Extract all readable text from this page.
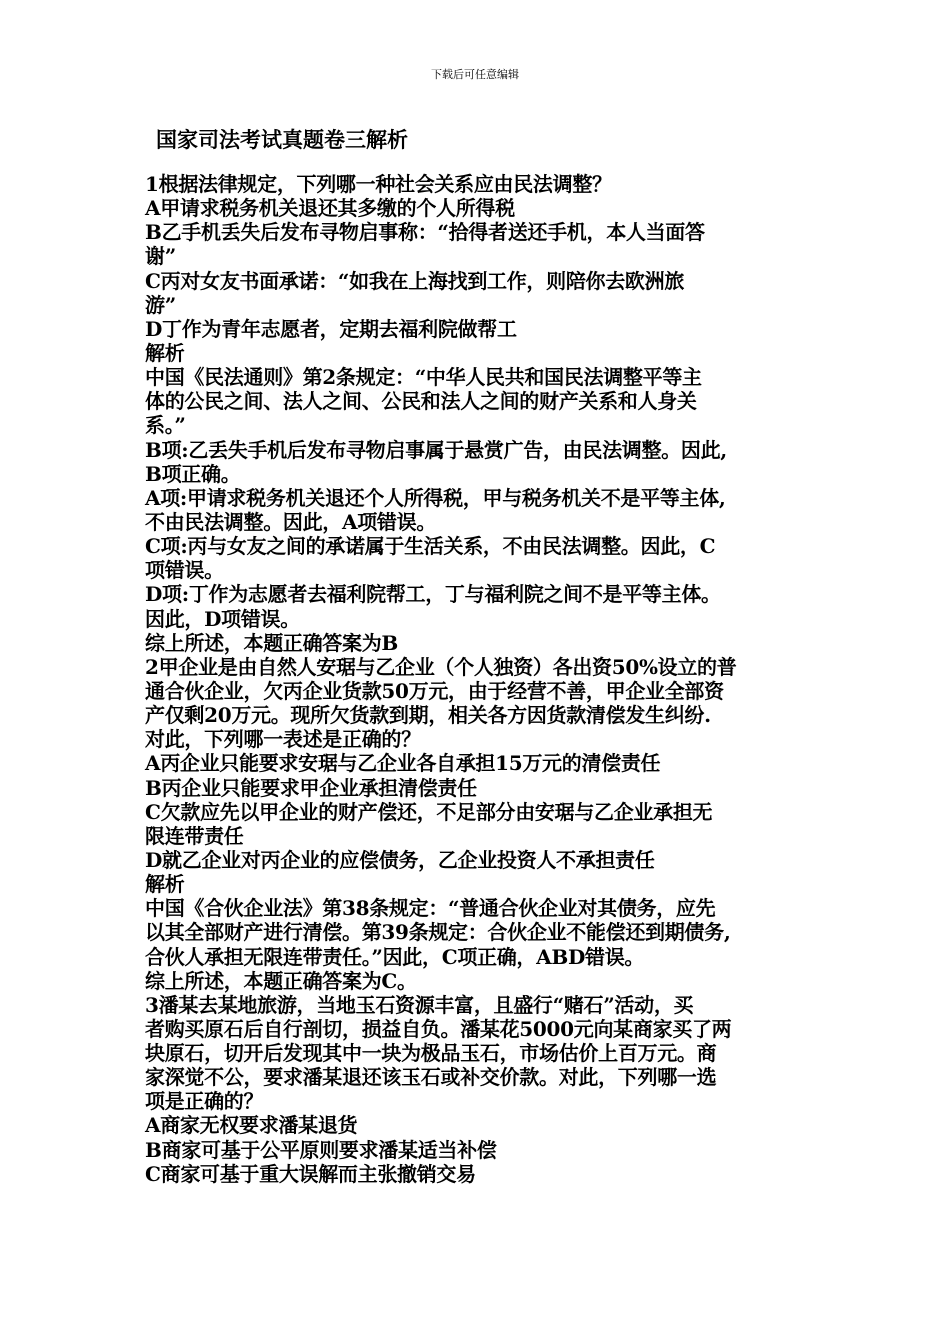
下载后可任意编辑
国家司法考试真题卷三解析
1根据法律规定，下列哪一种社会关系应由民法调整？
A甲请求税务机关退还其多缴的个人所得税
B乙手机丢失后发布寻物启事称：“拾得者送还手机，本人当面答
谢”
C丙对女友书面承诺：“如我在上海找到工作，则陪你去欧洲旅
游”
D丁作为青年志愿者，定期去福利院做帮工
解析
中国《民法通则》第2条规定：“中华人民共和国民法调整平等主
体的公民之间、法人之间、公民和法人之间的财产关系和人身关
系。”
B项:乙丢失手机后发布寻物启事属于悬赏广告，由民法调整。因此,
B项正确。
A项:甲请求税务机关退还个人所得税，甲与税务机关不是平等主体,
不由民法调整。因此，A项错误。
C项:丙与女友之间的承诺属于生活关系，不由民法调整。因此，C
项错误。
D项:丁作为志愿者去福利院帮工，丁与福利院之间不是平等主体。
因此，D项错误。
综上所述，本题正确答案为B
2甲企业是由自然人安琚与乙企业（个人独资）各出资50%设立的普
通合伙企业，欠丙企业货款50万元，由于经营不善，甲企业全部资
产仅剩20万元。现所欠货款到期，相关各方因货款清偿发生纠纷.
对此，下列哪一表述是正确的？
A丙企业只能要求安琚与乙企业各自承担15万元的清偿责任
B丙企业只能要求甲企业承担清偿责任
C欠款应先以甲企业的财产偿还，不足部分由安琚与乙企业承担无
限连带责任
D就乙企业对丙企业的应偿债务，乙企业投资人不承担责任
解析
中国《合伙企业法》第38条规定：“普通合伙企业对其债务，应先
以其全部财产进行清偿。第39条规定：合伙企业不能偿还到期债务,
合伙人承担无限连带责任。”因此，C项正确，ABD错误。
综上所述，本题正确答案为C。
3潘某去某地旅游，当地玉石资源丰富，且盛行“赌石”活动，买
者购买原石后自行剖切，损益自负。潘某花5000元向某商家买了两
块原石，切开后发现其中一块为极品玉石，市场估价上百万元。商
家深觉不公，要求潘某退还该玉石或补交价款。对此，下列哪一选
项是正确的？
A商家无权要求潘某退货
B商家可基于公平原则要求潘某适当补偿
C商家可基于重大误解而主张撤销交易
